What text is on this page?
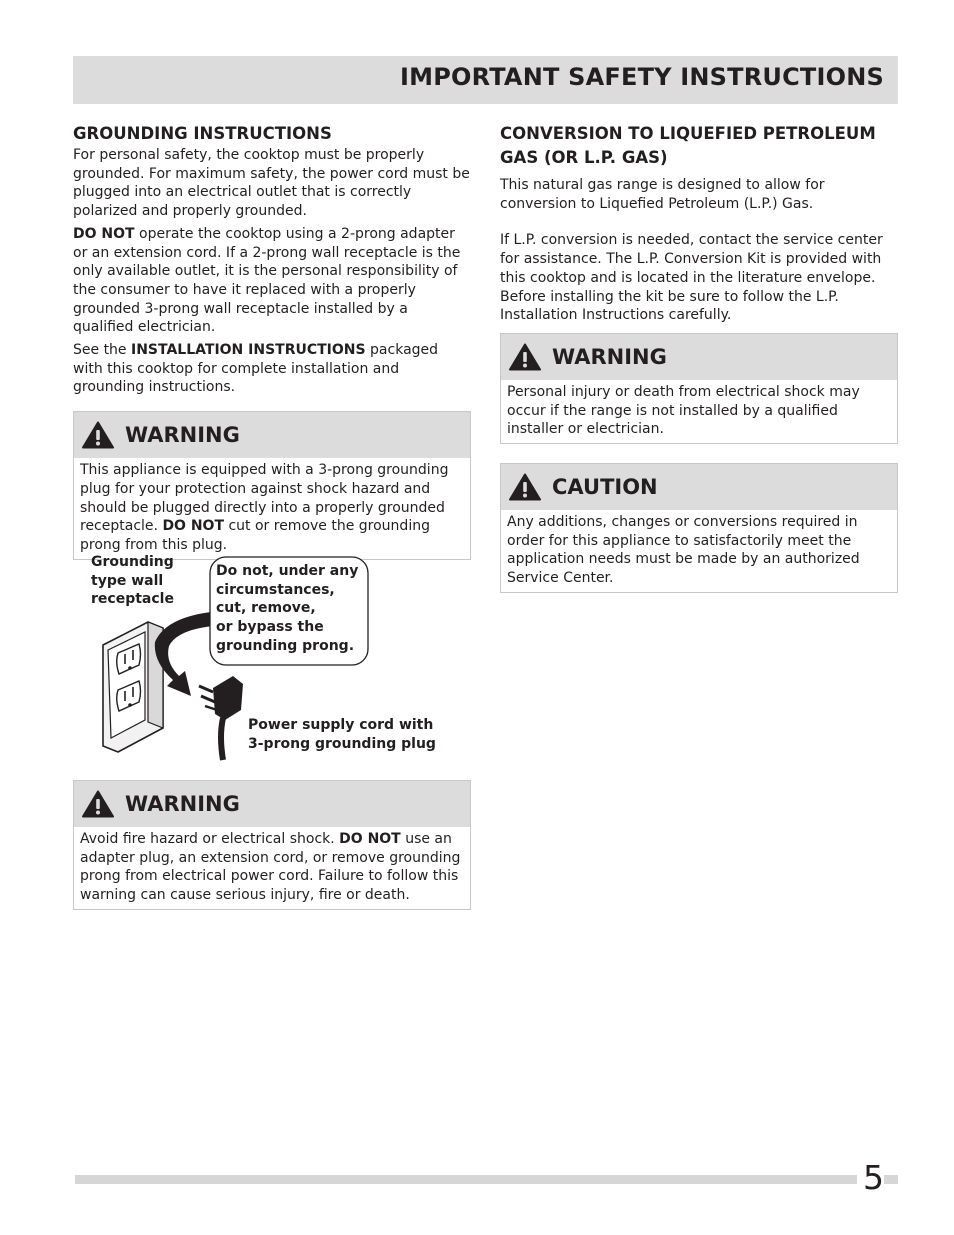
IMPORTANT SAFETY INSTRUCTIONS
GROUNDING INSTRUCTIONS

For personal safety, the cooktop must be properly grounded. For maximum safety, the power cord must be plugged into an electrical outlet that is correctly polarized and properly grounded.

DO NOT operate the cooktop using a 2-prong adapter or an extension cord. If a 2-prong wall receptacle is the only available outlet, it is the personal responsibility of the consumer to have it replaced with a properly grounded 3-prong wall receptacle installed by a qualified electrician.

See the INSTALLATION INSTRUCTIONS packaged with this cooktop for complete installation and grounding instructions.

WARNING
This appliance is equipped with a 3-prong grounding plug for your protection against shock hazard and should be plugged directly into a properly grounded receptacle. DO NOT cut or remove the grounding prong from this plug.
Grounding
type wall
receptacle
Do not, under any
circumstances,
cut, remove,
or bypass the
grounding prong.
Power supply cord with
3-prong grounding plug
WARNING
Avoid fire hazard or electrical shock. DO NOT use an adapter plug, an extension cord, or remove grounding prong from electrical power cord. Failure to follow this warning can cause serious injury, fire or death.
CONVERSION TO LIQUEFIED PETROLEUM GAS (OR L.P. GAS)

This natural gas range is designed to allow for conversion to Liquefied Petroleum (L.P.) Gas.

If L.P. conversion is needed, contact the service center for assistance. The L.P. Conversion Kit is provided with this cooktop and is located in the literature envelope. Before installing the kit be sure to follow the L.P. Installation Instructions carefully.

WARNING
Personal injury or death from electrical shock may occur if the range is not installed by a qualified installer or electrician.
CAUTION
Any additions, changes or conversions required in order for this appliance to satisfactorily meet the application needs must be made by an authorized Service Center.
5
